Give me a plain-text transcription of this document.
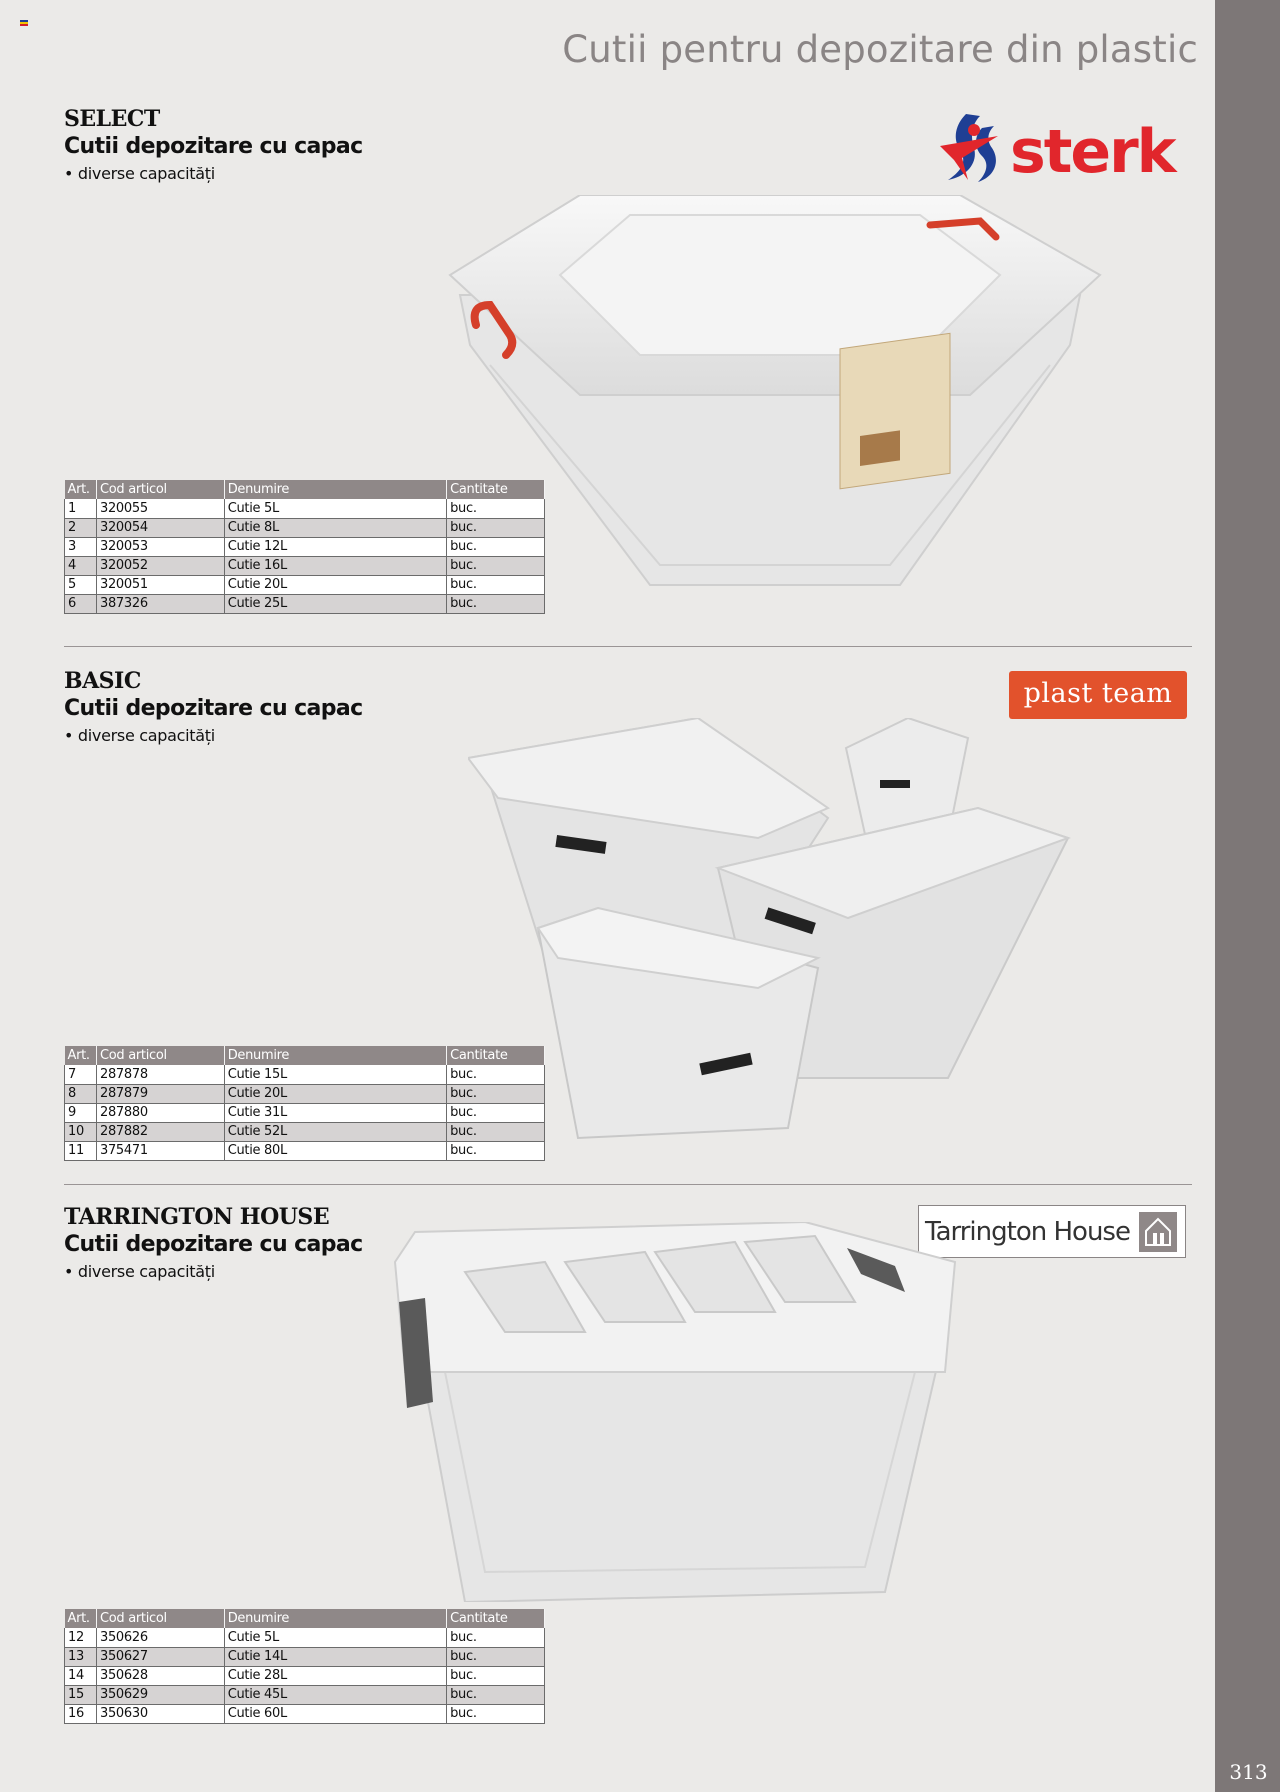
313
Cutii pentru depozitare din plastic
SELECT
Cutii depozitare cu capac
• diverse capacități	sterk
Art.	Cod articol	Denumire	Cantitate
1	320055	Cutie 5L	buc.
2	320054	Cutie 8L	buc.
3	320053	Cutie 12L	buc.
4	320052	Cutie 16L	buc.
5	320051	Cutie 20L	buc.
6	387326	Cutie 25L	buc.
BASIC
Cutii depozitare cu capac
• diverse capacități
plast team
Art.	Cod articol	Denumire	Cantitate
7	287878	Cutie 15L	buc.
8	287879	Cutie 20L	buc.
9	287880	Cutie 31L	buc.
10	287882	Cutie 52L	buc.
11	375471	Cutie 80L	buc.
TARRINGTON HOUSE
Cutii depozitare cu capac
• diverse capacități
Tarrington House
Art.	Cod articol	Denumire	Cantitate
12	350626	Cutie 5L	buc.
13	350627	Cutie 14L	buc.
14	350628	Cutie 28L	buc.
15	350629	Cutie 45L	buc.
16	350630	Cutie 60L	buc.
